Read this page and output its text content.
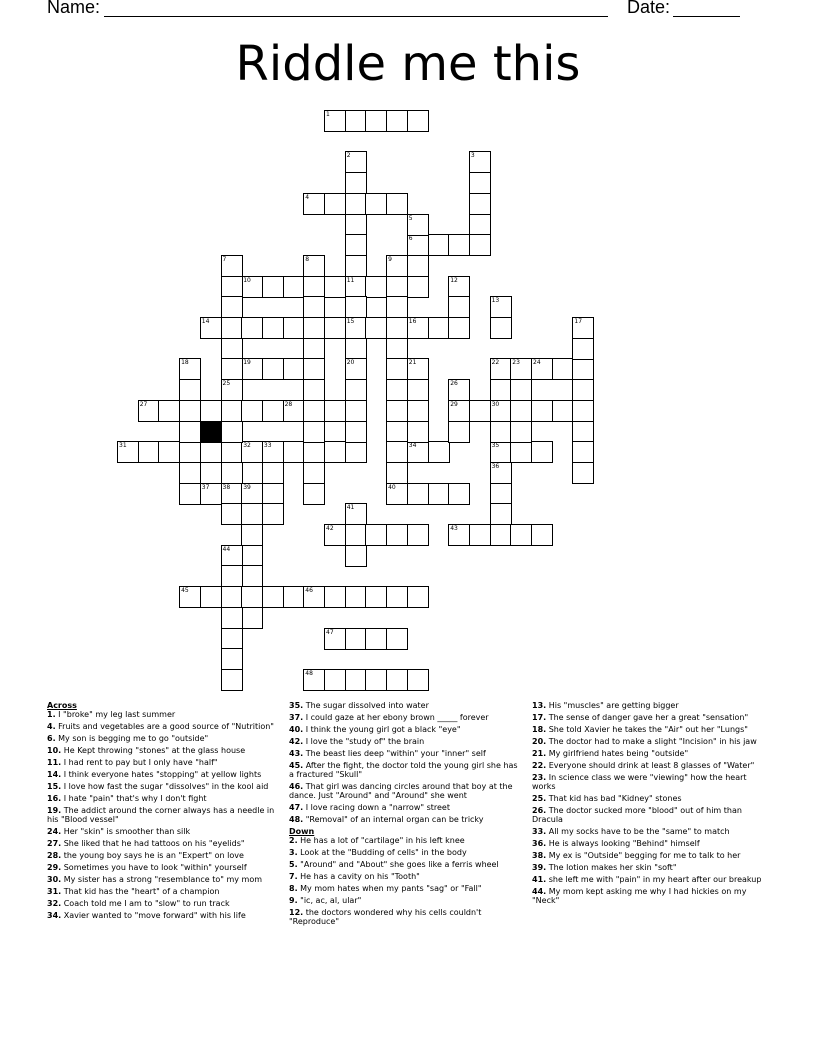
Name:	Date:
Riddle me this
1
4
6
10	11
14	15	16
19	24
27	28	29	30
31	32 33	34	35
37 38 39	40
42	43
45	46
47
48
2
20
3
5
7
25
8	9
12
13
17
18	21	22 23
26
36
41
44
Across
1. I "broke" my leg last summer
4. Fruits and vegetables are a good source of "Nutrition"
6. My son is begging me to go "outside"
10. He Kept throwing "stones" at the glass house
11. I had rent to pay but I only have "half"
14. I think everyone hates "stopping" at yellow lights
15. I love how fast the sugar "dissolves" in the kool aid
16. I hate "pain" that's why I don't fight
19. The addict around the corner always has a needle in his "Blood vessel"
24. Her "skin" is smoother than silk
27. She liked that he had tattoos on his "eyelids"
28. the young boy says he is an "Expert" on love
29. Sometimes you have to look "within" yourself
30. My sister has a strong "resemblance to" my mom
31. That kid has the "heart" of a champion
32. Coach told me I am to "slow" to run track
34. Xavier wanted to "move forward" with his life
35. The sugar dissolved into water
37. I could gaze at her ebony brown _____ forever
40. I think the young girl got a black "eye"
42. I love the "study of" the brain
43. The beast lies deep "within" your "inner" self
45. After the fight, the doctor told the young girl she has a fractured "Skull"
46. That girl was dancing circles around that boy at the dance. Just "Around" and "Around" she went
47. I love racing down a "narrow" street
48. "Removal" of an internal organ can be tricky
Down
2. He has a lot of "cartilage" in his left knee
3. Look at the "Budding of cells" in the body
5. "Around" and "About" she goes like a ferris wheel
7. He has a cavity on his "Tooth"
8. My mom hates when my pants "sag" or "Fall"
9. "ic, ac, al, ular"
12. the doctors wondered why his cells couldn't "Reproduce"
13. His "muscles" are getting bigger
17. The sense of danger gave her a great "sensation"
18. She told Xavier he takes the "Air" out her "Lungs"
20. The doctor had to make a slight "Incision" in his jaw
21. My girlfriend hates being "outside"
22. Everyone should drink at least 8 glasses of "Water"
23. In science class we were "viewing" how the heart works
25. That kid has bad "Kidney" stones
26. The doctor sucked more "blood" out of him than Dracula
33. All my socks have to be the "same" to match
36. He is always looking "Behind" himself
38. My ex is "Outside" begging for me to talk to her
39. The lotion makes her skin "soft"
41. she left me with "pain" in my heart after our breakup
44. My mom kept asking me why I had hickies on my "Neck"
